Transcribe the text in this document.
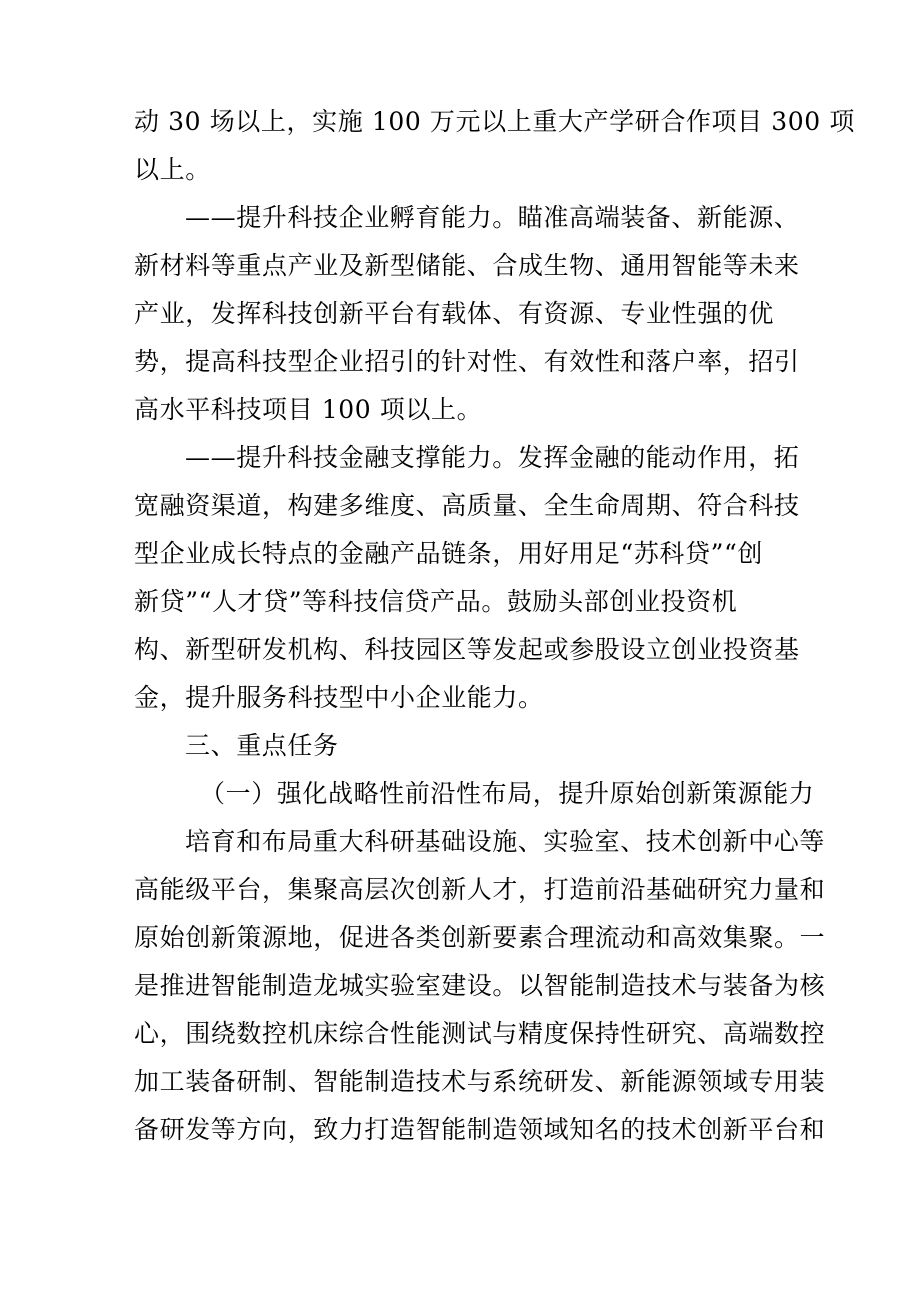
动 30 场以上，实施 100 万元以上重大产学研合作项目 300 项
以上。
——提升科技企业孵育能力。瞄准高端装备、新能源、
新材料等重点产业及新型储能、合成生物、通用智能等未来
产业，发挥科技创新平台有载体、有资源、专业性强的优
势，提高科技型企业招引的针对性、有效性和落户率，招引
高水平科技项目 100 项以上。
——提升科技金融支撑能力。发挥金融的能动作用，拓
宽融资渠道，构建多维度、高质量、全生命周期、符合科技
型企业成长特点的金融产品链条，用好用足“苏科贷”“创
新贷”“人才贷”等科技信贷产品。鼓励头部创业投资机
构、新型研发机构、科技园区等发起或参股设立创业投资基
金，提升服务科技型中小企业能力。
三、重点任务
（一）强化战略性前沿性布局，提升原始创新策源能力
培育和布局重大科研基础设施、实验室、技术创新中心等
高能级平台，集聚高层次创新人才，打造前沿基础研究力量和
原始创新策源地，促进各类创新要素合理流动和高效集聚。一
是推进智能制造龙城实验室建设。以智能制造技术与装备为核
心，围绕数控机床综合性能测试与精度保持性研究、高端数控
加工装备研制、智能制造技术与系统研发、新能源领域专用装
备研发等方向，致力打造智能制造领域知名的技术创新平台和
